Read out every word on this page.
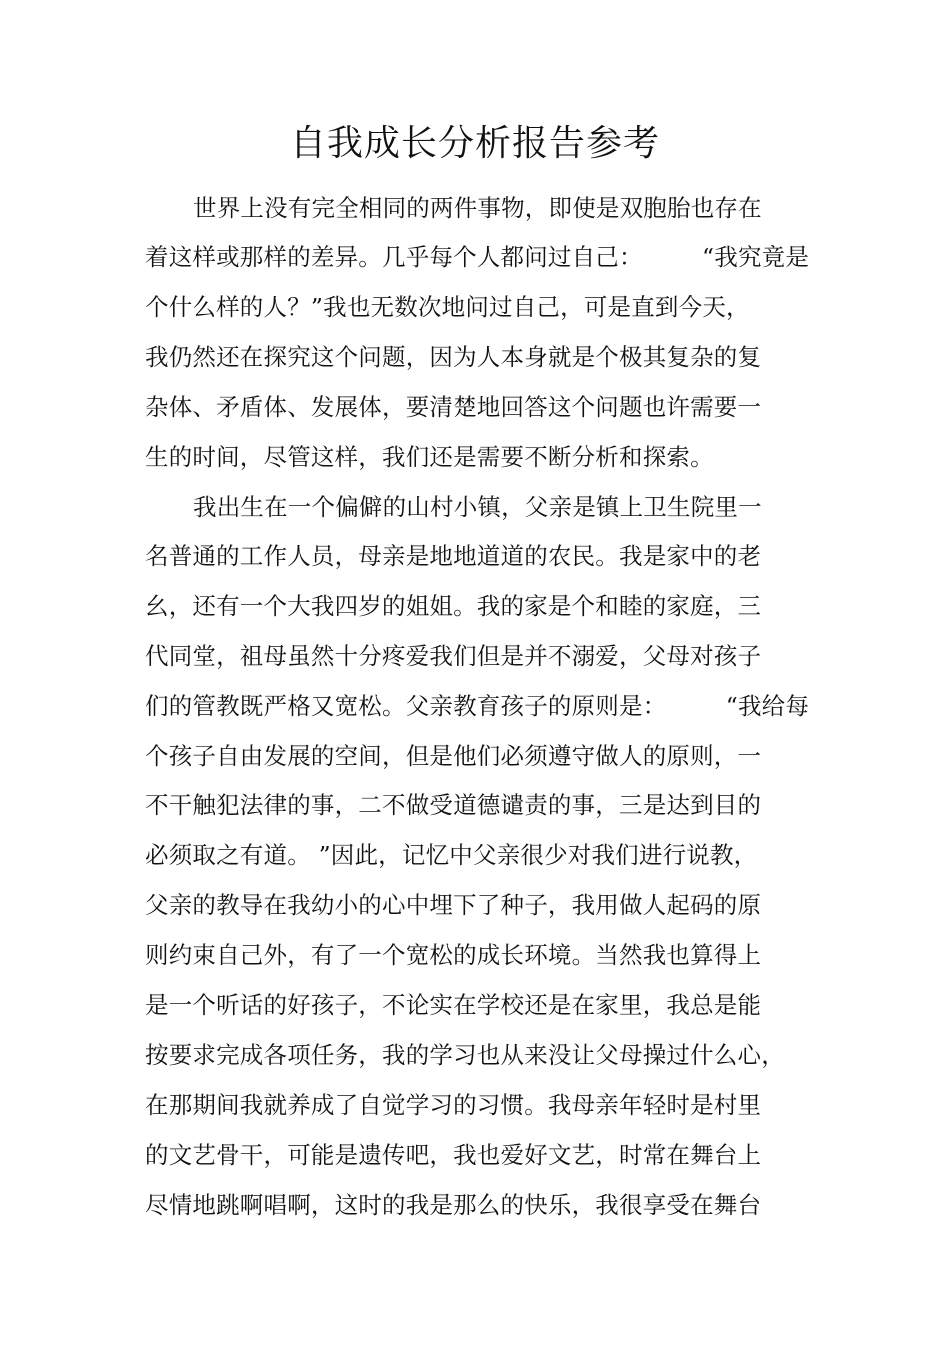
自我成长分析报告参考
世界上没有完全相同的两件事物，即使是双胞胎也存在
着这样或那样的差异。几乎每个人都问过自己：　　　“我究竟是
个什么样的人？”我也无数次地问过自己，可是直到今天，
我仍然还在探究这个问题，因为人本身就是个极其复杂的复
杂体、矛盾体、发展体，要清楚地回答这个问题也许需要一
生的时间，尽管这样，我们还是需要不断分析和探索。
我出生在一个偏僻的山村小镇，父亲是镇上卫生院里一
名普通的工作人员，母亲是地地道道的农民。我是家中的老
幺，还有一个大我四岁的姐姐。我的家是个和睦的家庭，三
代同堂，祖母虽然十分疼爱我们但是并不溺爱，父母对孩子
们的管教既严格又宽松。父亲教育孩子的原则是：　　　“我给每
个孩子自由发展的空间，但是他们必须遵守做人的原则，一
不干触犯法律的事，二不做受道德谴责的事，三是达到目的
必须取之有道。 ”因此，记忆中父亲很少对我们进行说教，
父亲的教导在我幼小的心中埋下了种子，我用做人起码的原
则约束自己外，有了一个宽松的成长环境。当然我也算得上
是一个听话的好孩子，不论实在学校还是在家里，我总是能
按要求完成各项任务，我的学习也从来没让父母操过什么心，
在那期间我就养成了自觉学习的习惯。我母亲年轻时是村里
的文艺骨干，可能是遗传吧，我也爱好文艺，时常在舞台上
尽情地跳啊唱啊，这时的我是那么的快乐，我很享受在舞台
